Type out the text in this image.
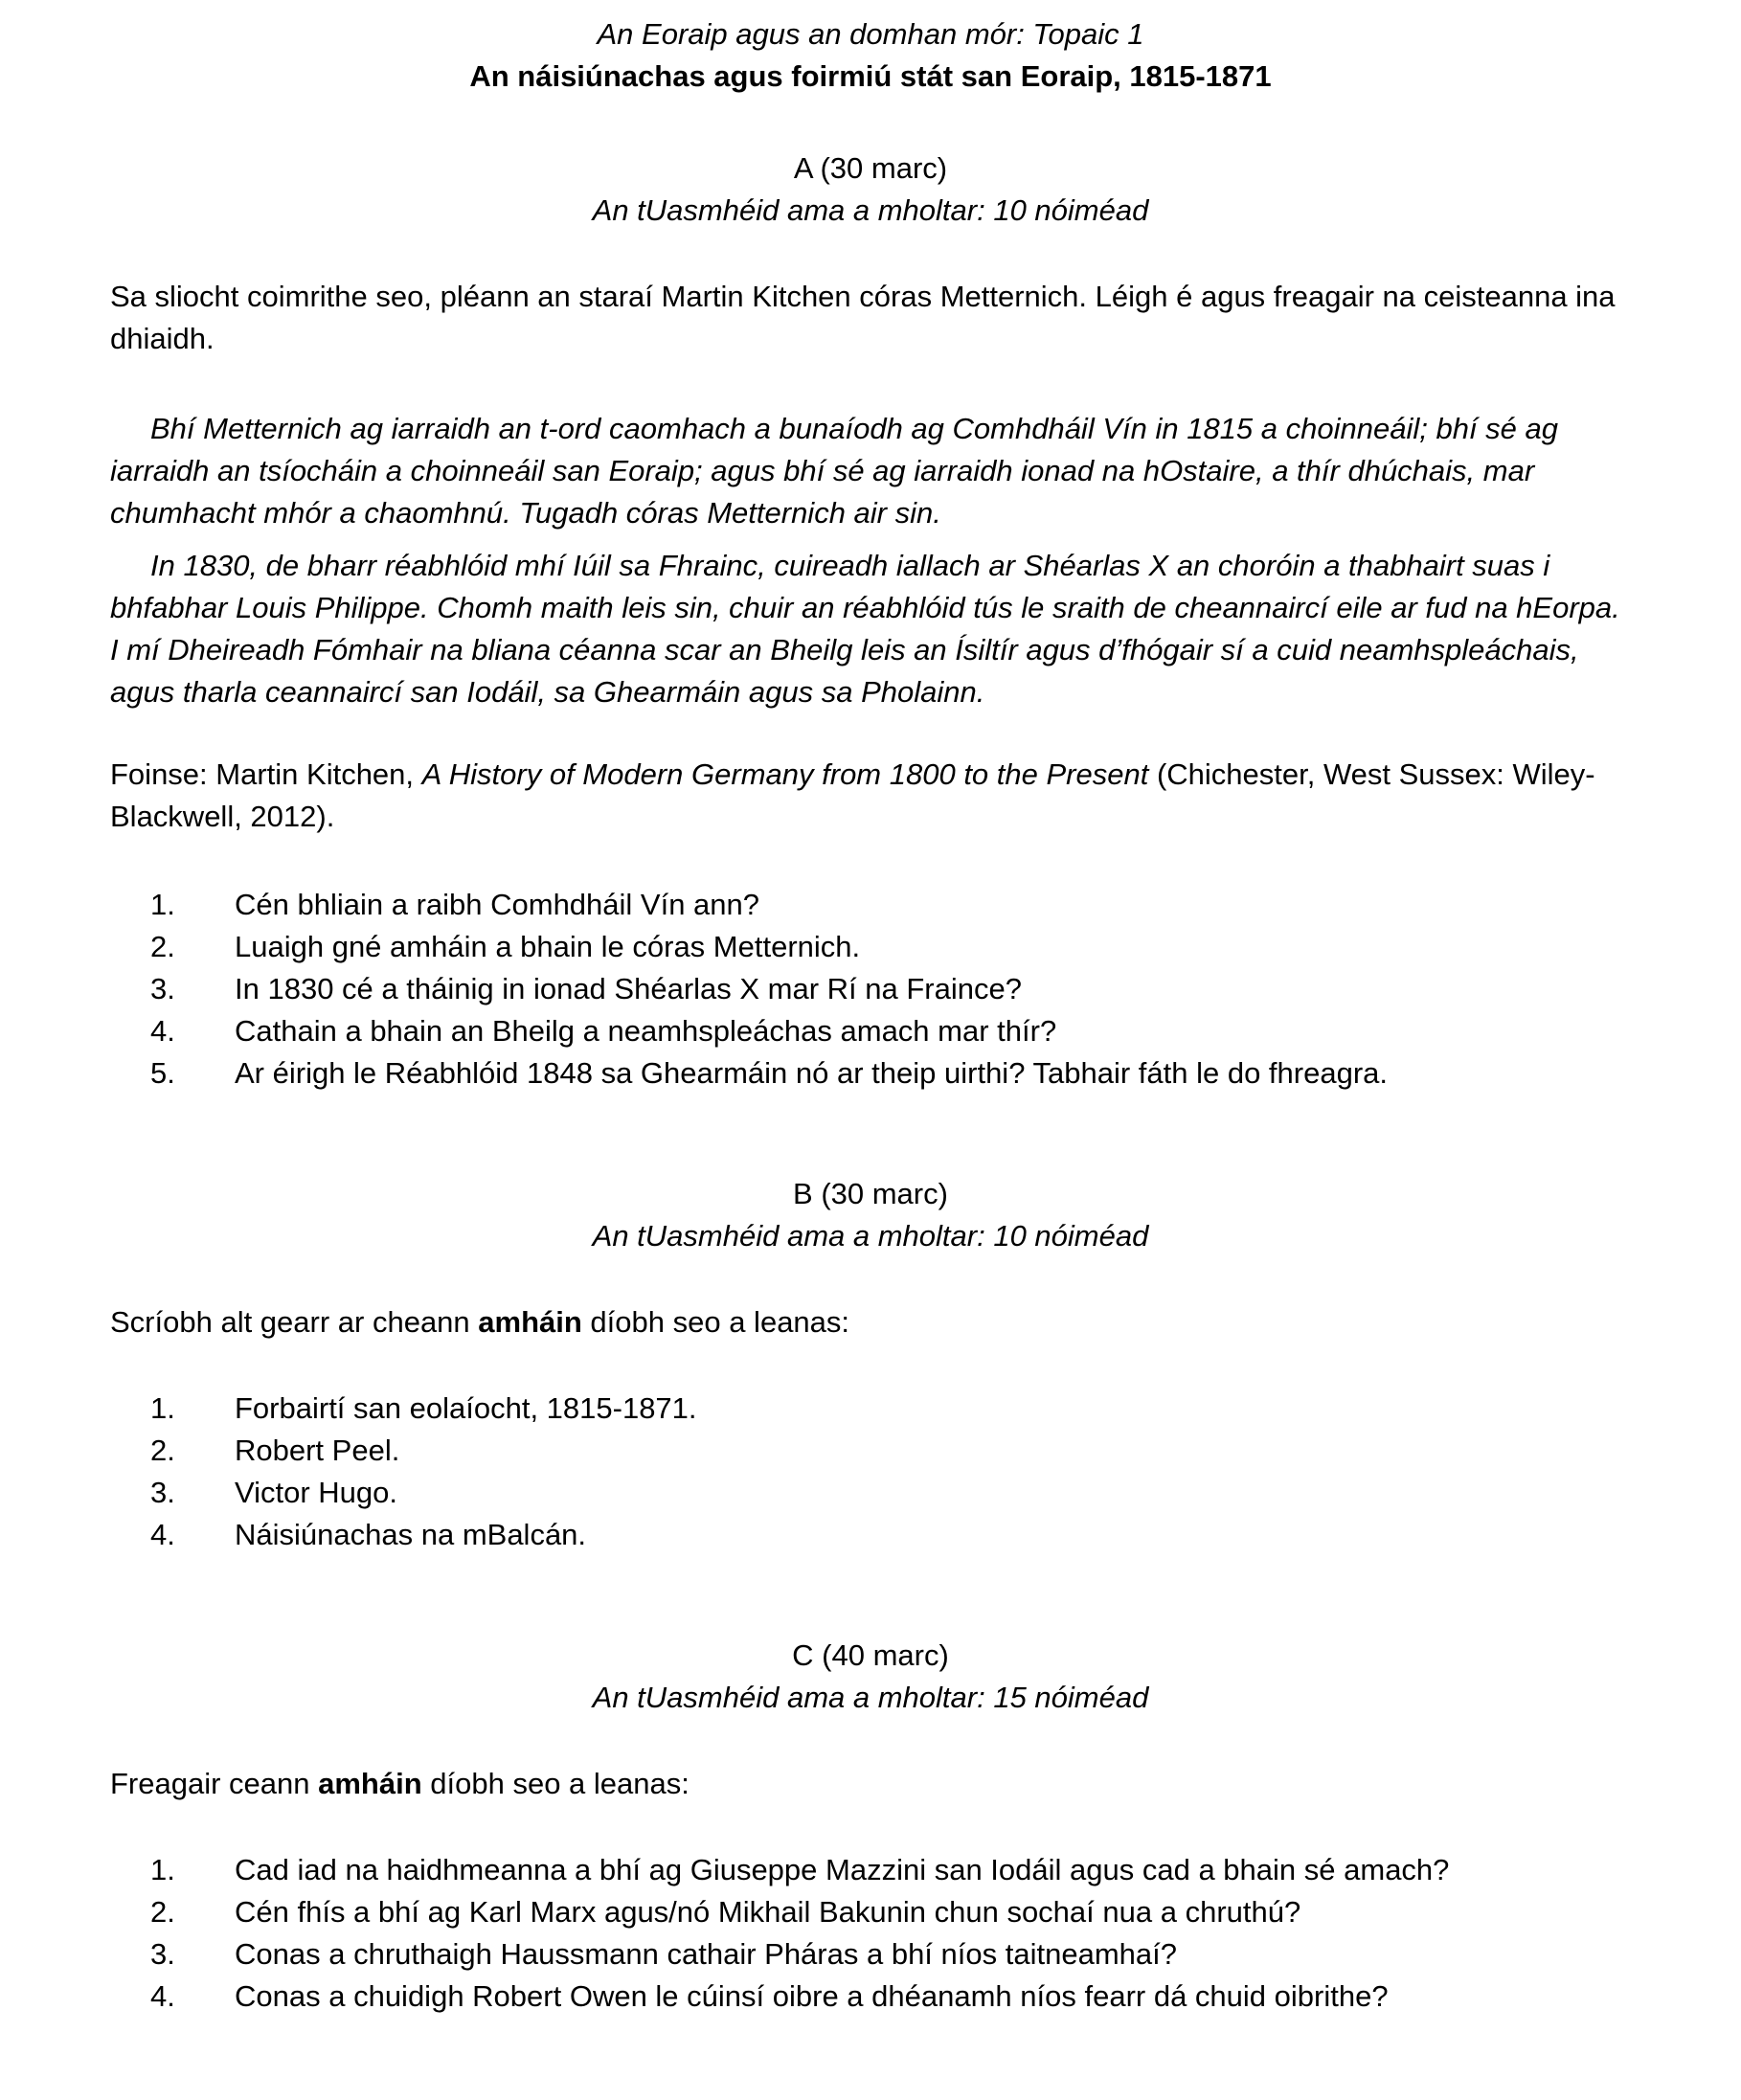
An Eoraip agus an domhan mór: Topaic 1

An náisiúnachas agus foirmiú stát san Eoraip, 1815-1871

A (30 marc)

An tUasmhéid ama a mholtar: 10 nóiméad

Sa sliocht coimrithe seo, pléann an staraí Martin Kitchen córas Metternich. Léigh é agus freagair na ceisteanna ina dhiaidh.

Bhí Metternich ag iarraidh an t-ord caomhach a bunaíodh ag Comhdháil Vín in 1815 a choinneáil; bhí sé ag iarraidh an tsíocháin a choinneáil san Eoraip; agus bhí sé ag iarraidh ionad na hOstaire, a thír dhúchais, mar chumhacht mhór a chaomhnú. Tugadh córas Metternich air sin.

In 1830, de bharr réabhlóid mhí Iúil sa Fhrainc, cuireadh iallach ar Shéarlas X an choróin a thabhairt suas i bhfabhar Louis Philippe. Chomh maith leis sin, chuir an réabhlóid tús le sraith de cheannaircí eile ar fud na hEorpa. I mí Dheireadh Fómhair na bliana céanna scar an Bheilg leis an Ísiltír agus d’fhógair sí a cuid neamhspleáchais, agus tharla ceannaircí san Iodáil, sa Ghearmáin agus sa Pholainn.

Foinse: Martin Kitchen, A History of Modern Germany from 1800 to the Present (Chichester, West Sussex: Wiley-Blackwell, 2012).

1.	Cén bhliain a raibh Comhdháil Vín ann?
2.	Luaigh gné amháin a bhain le córas Metternich.
3.	In 1830 cé a tháinig in ionad Shéarlas X mar Rí na Fraince?
4.	Cathain a bhain an Bheilg a neamhspleáchas amach mar thír?
5.	Ar éirigh le Réabhlóid 1848 sa Ghearmáin nó ar theip uirthi? Tabhair fáth le do fhreagra.

B (30 marc)

An tUasmhéid ama a mholtar: 10 nóiméad

Scríobh alt gearr ar cheann amháin díobh seo a leanas:

1.	Forbairtí san eolaíocht, 1815-1871.
2.	Robert Peel.
3.	Victor Hugo.
4.	Náisiúnachas na mBalcán.

C (40 marc)

An tUasmhéid ama a mholtar: 15 nóiméad

Freagair ceann amháin díobh seo a leanas:

1.	Cad iad na haidhmeanna a bhí ag Giuseppe Mazzini san Iodáil agus cad a bhain sé amach?
2.	Cén fhís a bhí ag Karl Marx agus/nó Mikhail Bakunin chun sochaí nua a chruthú?
3.	Conas a chruthaigh Haussmann cathair Pháras a bhí níos taitneamhaí?
4.	Conas a chuidigh Robert Owen le cúinsí oibre a dhéanamh níos fearr dá chuid oibrithe?
